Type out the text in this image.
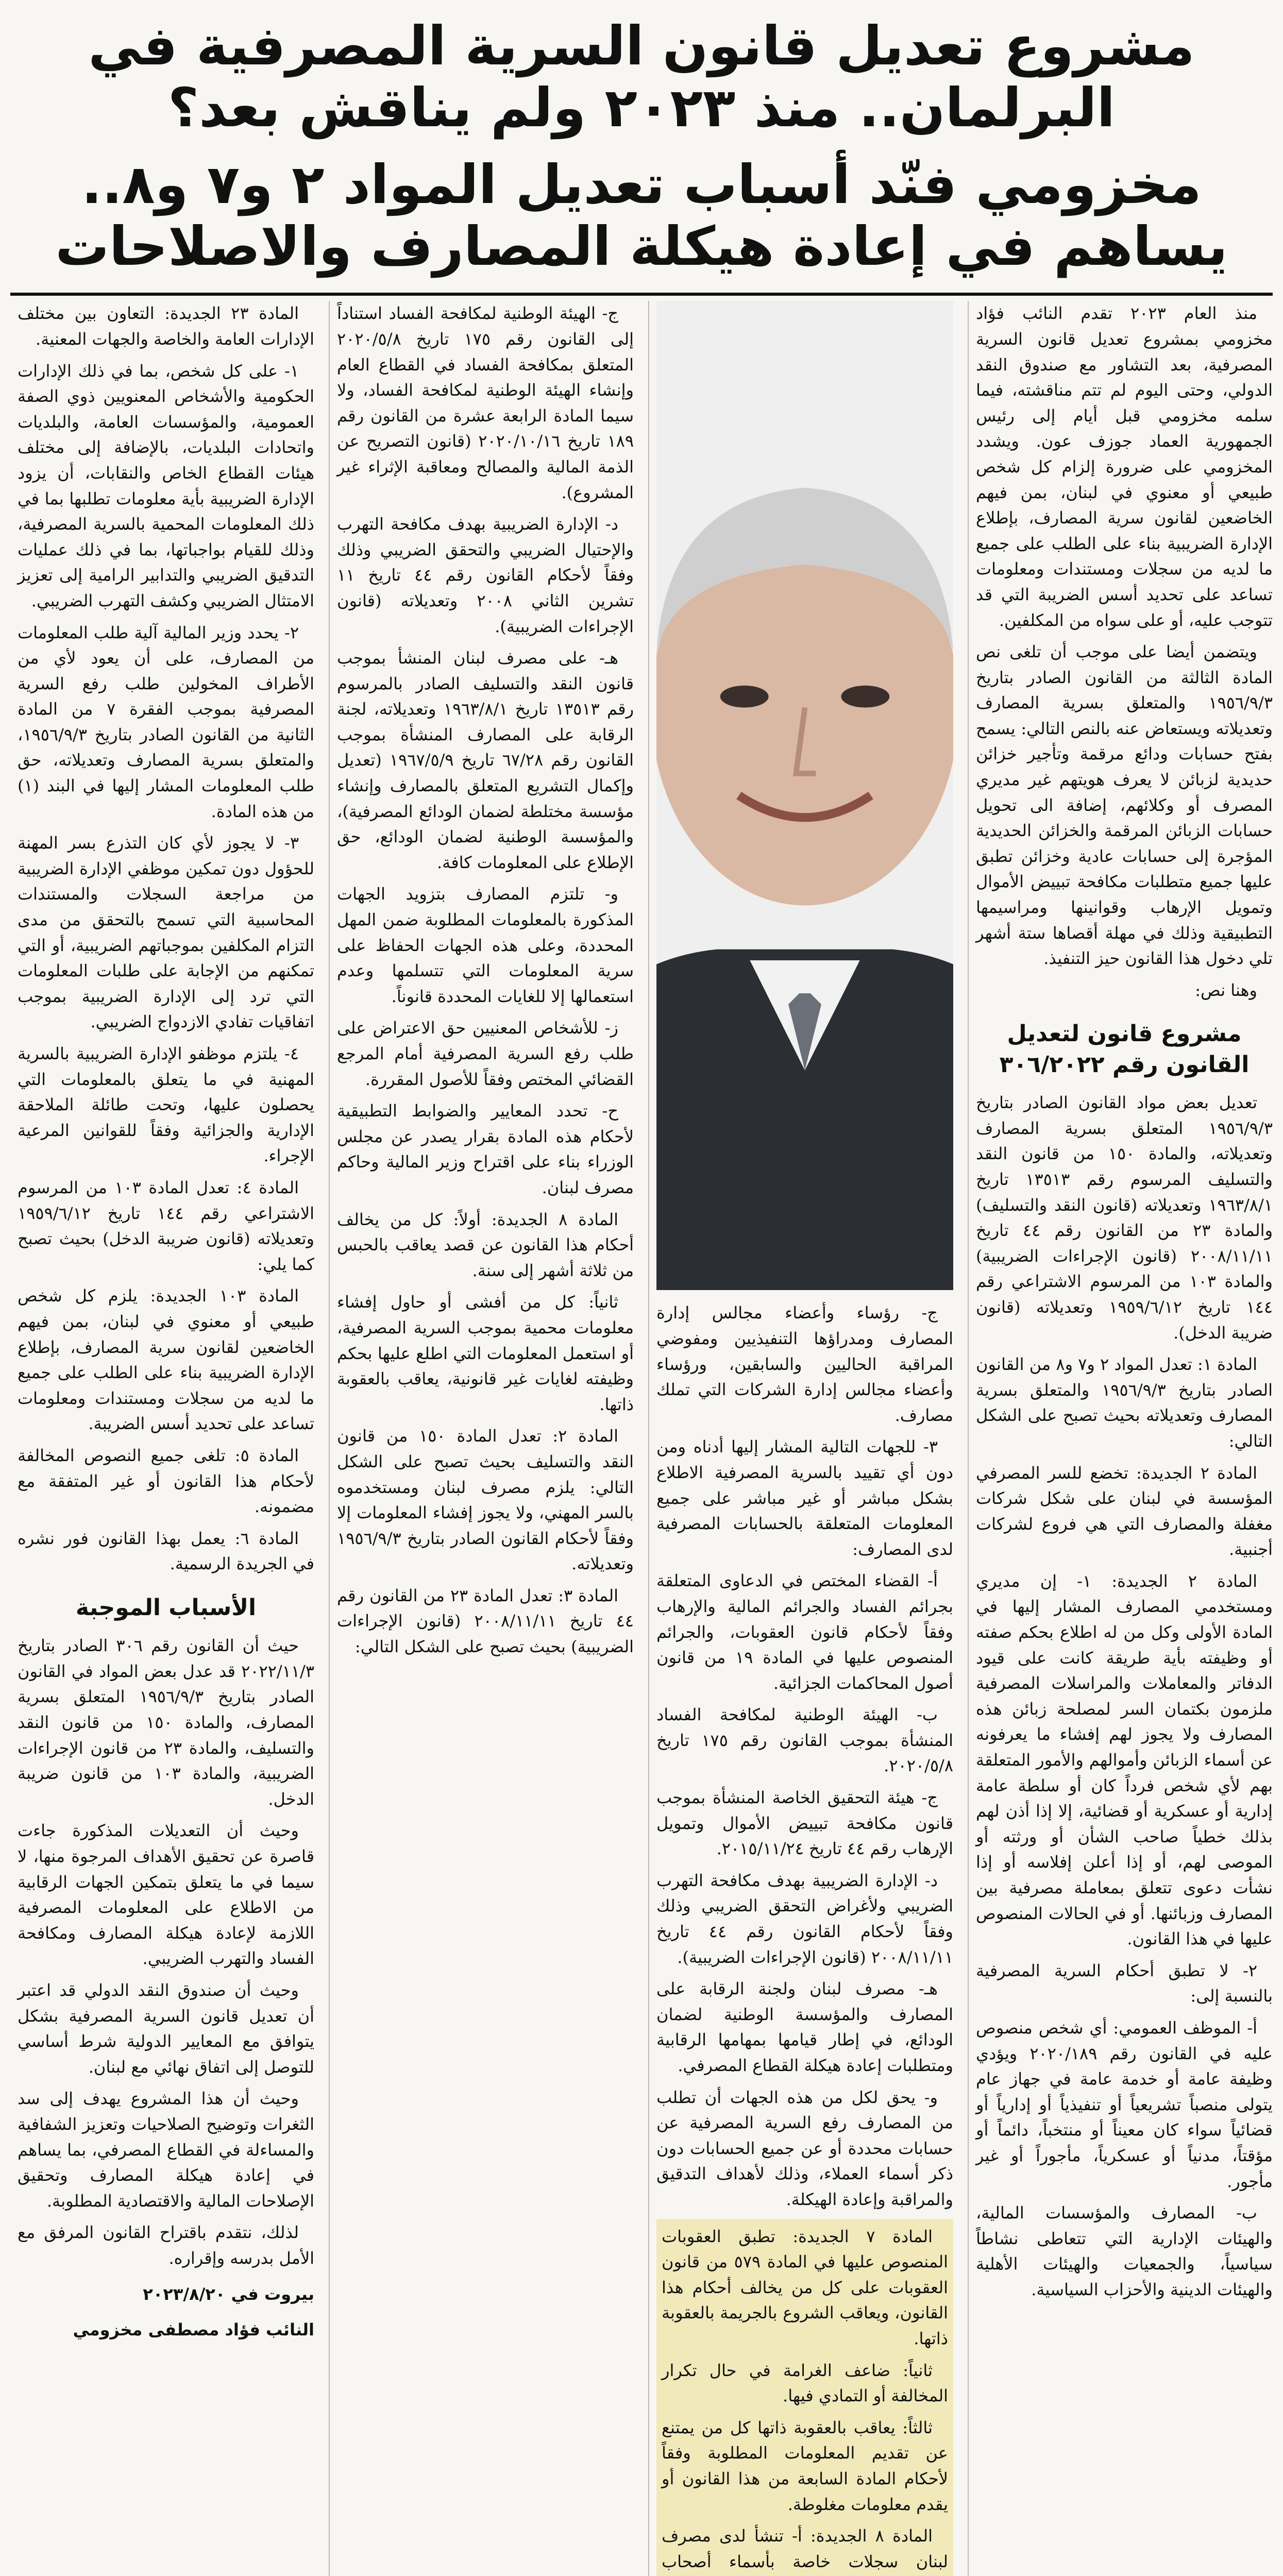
مشروع تعديل قانون السرية المصرفية في البرلمان.. منذ ٢٠٢٣ ولم يناقش بعد؟
مخزومي فنّد أسباب تعديل المواد ٢ و٧ و٨.. يساهم في إعادة هيكلة المصارف والاصلاحات

منذ العام ٢٠٢٣ تقدم النائب فؤاد مخزومي بمشروع تعديل قانون السرية المصرفية، بعد التشاور مع صندوق النقد الدولي، وحتى اليوم لم تتم مناقشته، فيما سلمه مخزومي قبل أيام إلى رئيس الجمهورية العماد جوزف عون. ويشدد المخزومي على ضرورة إلزام كل شخص طبيعي أو معنوي في لبنان، بمن فيهم الخاضعين لقانون سرية المصارف، بإطلاع الإدارة الضريبية بناء على الطلب على جميع ما لديه من سجلات ومستندات ومعلومات تساعد على تحديد أسس الضريبة التي قد تتوجب عليه، أو على سواه من المكلفين.

ويتضمن أيضا على موجب أن تلغى نص المادة الثالثة من القانون الصادر بتاريخ ١٩٥٦/٩/٣ والمتعلق بسرية المصارف وتعديلاته ويستعاض عنه بالنص التالي: يسمح بفتح حسابات ودائع مرقمة وتأجير خزائن حديدية لزبائن لا يعرف هويتهم غير مديري المصرف أو وكلائهم، إضافة الى تحويل حسابات الزبائن المرقمة والخزائن الحديدية المؤجرة إلى حسابات عادية وخزائن تطبق عليها جميع متطلبات مكافحة تبييض الأموال وتمويل الإرهاب وقوانينها ومراسيمها التطبيقية وذلك في مهلة أقصاها ستة أشهر تلي دخول هذا القانون حيز التنفيذ.

وهنا نص:

مشروع قانون لتعديل القانون رقم ٣٠٦/٢٠٢٢

تعديل بعض مواد القانون الصادر بتاريخ ١٩٥٦/٩/٣ المتعلق بسرية المصارف وتعديلاته، والمادة ١٥٠ من قانون النقد والتسليف المرسوم رقم ١٣٥١٣ تاريخ ١٩٦٣/٨/١ وتعديلاته (قانون النقد والتسليف) والمادة ٢٣ من القانون رقم ٤٤ تاريخ ٢٠٠٨/١١/١١ (قانون الإجراءات الضريبية) والمادة ١٠٣ من المرسوم الاشتراعي رقم ١٤٤ تاريخ ١٩٥٩/٦/١٢ وتعديلاته (قانون ضريبة الدخل).

المادة ١: تعدل المواد ٢ و٧ و٨ من القانون الصادر بتاريخ ١٩٥٦/٩/٣ والمتعلق بسرية المصارف وتعديلاته بحيث تصبح على الشكل التالي:

المادة ٢ الجديدة: تخضع للسر المصرفي المؤسسة في لبنان على شكل شركات مغفلة والمصارف التي هي فروع لشركات أجنبية.

المادة ٢ الجديدة: ١- إن مديري ومستخدمي المصارف المشار إليها في المادة الأولى وكل من له اطلاع بحكم صفته أو وظيفته بأية طريقة كانت على قيود الدفاتر والمعاملات والمراسلات المصرفية ملزمون بكتمان السر لمصلحة زبائن هذه المصارف ولا يجوز لهم إفشاء ما يعرفونه عن أسماء الزبائن وأموالهم والأمور المتعلقة بهم لأي شخص فرداً كان أو سلطة عامة إدارية أو عسكرية أو قضائية، إلا إذا أذن لهم بذلك خطياً صاحب الشأن أو ورثته أو الموصى لهم، أو إذا أعلن إفلاسه أو إذا نشأت دعوى تتعلق بمعاملة مصرفية بين المصارف وزبائنها. أو في الحالات المنصوص عليها في هذا القانون.

٢- لا تطبق أحكام السرية المصرفية بالنسبة إلى:

أ- الموظف العمومي: أي شخص منصوص عليه في القانون رقم ٢٠٢٠/١٨٩ ويؤدي وظيفة عامة أو خدمة عامة في جهاز عام يتولى منصباً تشريعياً أو تنفيذياً أو إدارياً أو قضائياً سواء كان معيناً أو منتخباً، دائماً أو مؤقتاً، مدنياً أو عسكرياً، مأجوراً أو غير مأجور.

ب- المصارف والمؤسسات المالية، والهيئات الإدارية التي تتعاطى نشاطاً سياسياً، والجمعيات والهيئات الأهلية والهيئات الدينية والأحزاب السياسية.

ج- رؤساء وأعضاء مجالس إدارة المصارف ومدراؤها التنفيذيين ومفوضي المراقبة الحاليين والسابقين، ورؤساء وأعضاء مجالس إدارة الشركات التي تملك مصارف.

٣- للجهات التالية المشار إليها أدناه ومن دون أي تقييد بالسرية المصرفية الاطلاع بشكل مباشر أو غير مباشر على جميع المعلومات المتعلقة بالحسابات المصرفية لدى المصارف:

أ- القضاء المختص في الدعاوى المتعلقة بجرائم الفساد والجرائم المالية والإرهاب وفقاً لأحكام قانون العقوبات، والجرائم المنصوص عليها في المادة ١٩ من قانون أصول المحاكمات الجزائية.

ب- الهيئة الوطنية لمكافحة الفساد المنشأة بموجب القانون رقم ١٧٥ تاريخ ٢٠٢٠/٥/٨.

ج- هيئة التحقيق الخاصة المنشأة بموجب قانون مكافحة تبييض الأموال وتمويل الإرهاب رقم ٤٤ تاريخ ٢٠١٥/١١/٢٤.

د- الإدارة الضريبية بهدف مكافحة التهرب الضريبي ولأغراض التحقق الضريبي وذلك وفقاً لأحكام القانون رقم ٤٤ تاريخ ٢٠٠٨/١١/١١ (قانون الإجراءات الضريبية).

هـ- مصرف لبنان ولجنة الرقابة على المصارف والمؤسسة الوطنية لضمان الودائع، في إطار قيامها بمهامها الرقابية ومتطلبات إعادة هيكلة القطاع المصرفي.

و- يحق لكل من هذه الجهات أن تطلب من المصارف رفع السرية المصرفية عن حسابات محددة أو عن جميع الحسابات دون ذكر أسماء العملاء، وذلك لأهداف التدقيق والمراقبة وإعادة الهيكلة.

المادة ٧ الجديدة: تطبق العقوبات المنصوص عليها في المادة ٥٧٩ من قانون العقوبات على كل من يخالف أحكام هذا القانون، ويعاقب الشروع بالجريمة بالعقوبة ذاتها.

ثانياً: ضاعف الغرامة في حال تكرار المخالفة أو التمادي فيها.

ثالثاً: يعاقب بالعقوبة ذاتها كل من يمتنع عن تقديم المعلومات المطلوبة وفقاً لأحكام المادة السابعة من هذا القانون أو يقدم معلومات مغلوطة.

المادة ٨ الجديدة: أ- تنشأ لدى مصرف لبنان سجلات خاصة بأسماء أصحاب

ج- الهيئة الوطنية لمكافحة الفساد استناداً إلى القانون رقم ١٧٥ تاريخ ٢٠٢٠/٥/٨ المتعلق بمكافحة الفساد في القطاع العام وإنشاء الهيئة الوطنية لمكافحة الفساد، ولا سيما المادة الرابعة عشرة من القانون رقم ١٨٩ تاريخ ٢٠٢٠/١٠/١٦ (قانون التصريح عن الذمة المالية والمصالح ومعاقبة الإثراء غير المشروع).

د- الإدارة الضريبية بهدف مكافحة التهرب والإحتيال الضريبي والتحقق الضريبي وذلك وفقاً لأحكام القانون رقم ٤٤ تاريخ ١١ تشرين الثاني ٢٠٠٨ وتعديلاته (قانون الإجراءات الضريبية).

هـ- على مصرف لبنان المنشأ بموجب قانون النقد والتسليف الصادر بالمرسوم رقم ١٣٥١٣ تاريخ ١٩٦٣/٨/١ وتعديلاته، لجنة الرقابة على المصارف المنشأة بموجب القانون رقم ٦٧/٢٨ تاريخ ١٩٦٧/٥/٩ (تعديل وإكمال التشريع المتعلق بالمصارف وإنشاء مؤسسة مختلطة لضمان الودائع المصرفية)، والمؤسسة الوطنية لضمان الودائع، حق الإطلاع على المعلومات كافة.

و- تلتزم المصارف بتزويد الجهات المذكورة بالمعلومات المطلوبة ضمن المهل المحددة، وعلى هذه الجهات الحفاظ على سرية المعلومات التي تتسلمها وعدم استعمالها إلا للغايات المحددة قانوناً.

ز- للأشخاص المعنيين حق الاعتراض على طلب رفع السرية المصرفية أمام المرجع القضائي المختص وفقاً للأصول المقررة.

ح- تحدد المعايير والضوابط التطبيقية لأحكام هذه المادة بقرار يصدر عن مجلس الوزراء بناء على اقتراح وزير المالية وحاكم مصرف لبنان.

المادة ٨ الجديدة: أولاً: كل من يخالف أحكام هذا القانون عن قصد يعاقب بالحبس من ثلاثة أشهر إلى سنة.

ثانياً: كل من أفشى أو حاول إفشاء معلومات محمية بموجب السرية المصرفية، أو استعمل المعلومات التي اطلع عليها بحكم وظيفته لغايات غير قانونية، يعاقب بالعقوبة ذاتها.

المادة ٢: تعدل المادة ١٥٠ من قانون النقد والتسليف بحيث تصبح على الشكل التالي: يلزم مصرف لبنان ومستخدموه بالسر المهني، ولا يجوز إفشاء المعلومات إلا وفقاً لأحكام القانون الصادر بتاريخ ١٩٥٦/٩/٣ وتعديلاته.

المادة ٣: تعدل المادة ٢٣ من القانون رقم ٤٤ تاريخ ٢٠٠٨/١١/١١ (قانون الإجراءات الضريبية) بحيث تصبح على الشكل التالي:

المادة ٢٣ الجديدة: التعاون بين مختلف الإدارات العامة والخاصة والجهات المعنية.

١- على كل شخص، بما في ذلك الإدارات الحكومية والأشخاص المعنويين ذوي الصفة العمومية، والمؤسسات العامة، والبلديات واتحادات البلديات، بالإضافة إلى مختلف هيئات القطاع الخاص والنقابات، أن يزود الإدارة الضريبية بأية معلومات تطلبها بما في ذلك المعلومات المحمية بالسرية المصرفية، وذلك للقيام بواجباتها، بما في ذلك عمليات التدقيق الضريبي والتدابير الرامية إلى تعزيز الامتثال الضريبي وكشف التهرب الضريبي.

٢- يحدد وزير المالية آلية طلب المعلومات من المصارف، على أن يعود لأي من الأطراف المخولين طلب رفع السرية المصرفية بموجب الفقرة ٧ من المادة الثانية من القانون الصادر بتاريخ ١٩٥٦/٩/٣، والمتعلق بسرية المصارف وتعديلاته، حق طلب المعلومات المشار إليها في البند (١) من هذه المادة.

٣- لا يجوز لأي كان التذرع بسر المهنة للحؤول دون تمكين موظفي الإدارة الضريبية من مراجعة السجلات والمستندات المحاسبية التي تسمح بالتحقق من مدى التزام المكلفين بموجباتهم الضريبية، أو التي تمكنهم من الإجابة على طلبات المعلومات التي ترد إلى الإدارة الضريبية بموجب اتفاقيات تفادي الازدواج الضريبي.

٤- يلتزم موظفو الإدارة الضريبية بالسرية المهنية في ما يتعلق بالمعلومات التي يحصلون عليها، وتحت طائلة الملاحقة الإدارية والجزائية وفقاً للقوانين المرعية الإجراء.

المادة ٤: تعدل المادة ١٠٣ من المرسوم الاشتراعي رقم ١٤٤ تاريخ ١٩٥٩/٦/١٢ وتعديلاته (قانون ضريبة الدخل) بحيث تصبح كما يلي:

المادة ١٠٣ الجديدة: يلزم كل شخص طبيعي أو معنوي في لبنان، بمن فيهم الخاضعين لقانون سرية المصارف، بإطلاع الإدارة الضريبية بناء على الطلب على جميع ما لديه من سجلات ومستندات ومعلومات تساعد على تحديد أسس الضريبة.

المادة ٥: تلغى جميع النصوص المخالفة لأحكام هذا القانون أو غير المتفقة مع مضمونه.

المادة ٦: يعمل بهذا القانون فور نشره في الجريدة الرسمية.

الأسباب الموجبة

حيث أن القانون رقم ٣٠٦ الصادر بتاريخ ٢٠٢٢/١١/٣ قد عدل بعض المواد في القانون الصادر بتاريخ ١٩٥٦/٩/٣ المتعلق بسرية المصارف، والمادة ١٥٠ من قانون النقد والتسليف، والمادة ٢٣ من قانون الإجراءات الضريبية، والمادة ١٠٣ من قانون ضريبة الدخل.

وحيث أن التعديلات المذكورة جاءت قاصرة عن تحقيق الأهداف المرجوة منها، لا سيما في ما يتعلق بتمكين الجهات الرقابية من الاطلاع على المعلومات المصرفية اللازمة لإعادة هيكلة المصارف ومكافحة الفساد والتهرب الضريبي.

وحيث أن صندوق النقد الدولي قد اعتبر أن تعديل قانون السرية المصرفية بشكل يتوافق مع المعايير الدولية شرط أساسي للتوصل إلى اتفاق نهائي مع لبنان.

وحيث أن هذا المشروع يهدف إلى سد الثغرات وتوضيح الصلاحيات وتعزيز الشفافية والمساءلة في القطاع المصرفي، بما يساهم في إعادة هيكلة المصارف وتحقيق الإصلاحات المالية والاقتصادية المطلوبة.

لذلك، نتقدم باقتراح القانون المرفق مع الأمل بدرسه وإقراره.

بيروت في ٢٠٢٣/٨/٢٠
النائب فؤاد مصطفى مخزومي
